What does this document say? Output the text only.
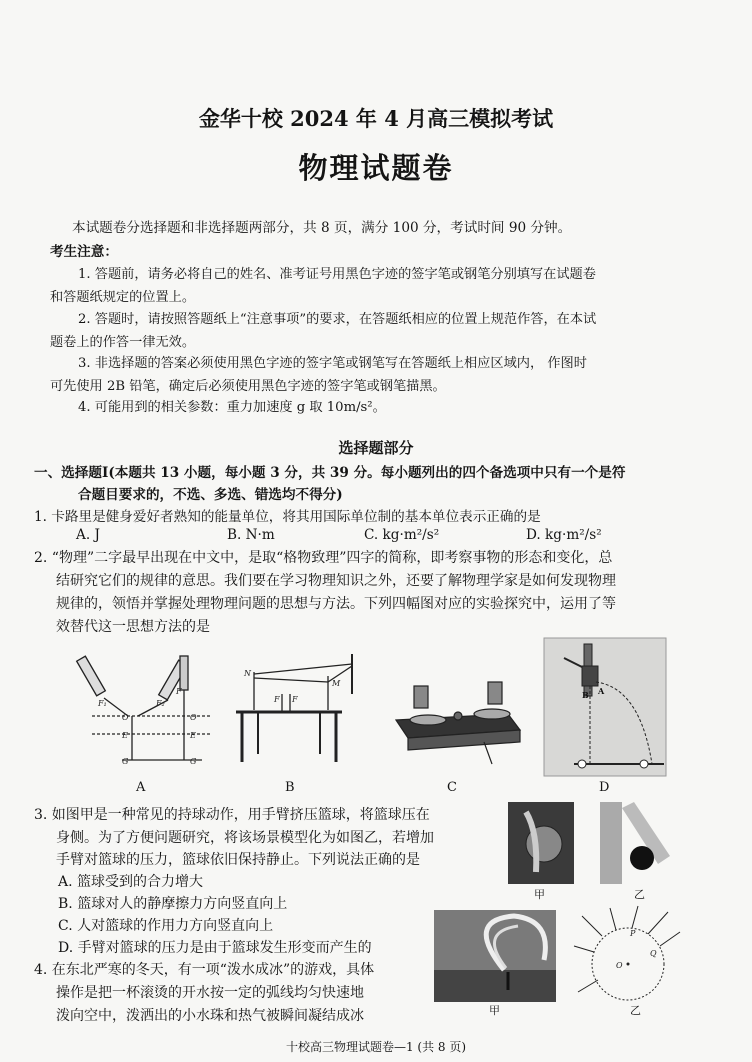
金华十校 2024 年 4 月高三模拟考试
物理试题卷
本试题卷分选择题和非选择题两部分，共 8 页，满分 100 分，考试时间 90 分钟。
考生注意：
1. 答题前，请务必将自己的姓名、准考证号用黑色字迹的签字笔或钢笔分别填写在试题卷
和答题纸规定的位置上。
2. 答题时，请按照答题纸上“注意事项”的要求，在答题纸相应的位置上规范作答，在本试
题卷上的作答一律无效。
3. 非选择题的答案必须使用黑色字迹的签字笔或钢笔写在答题纸上相应区域内， 作图时
可先使用 2B 铅笔，确定后必须使用黑色字迹的签字笔或钢笔描黑。
4. 可能用到的相关参数：重力加速度 g 取 10m/s²。
选择题部分
一、选择题Ⅰ(本题共 13 小题，每小题 3 分，共 39 分。每小题列出的四个备选项中只有一个是符
合题目要求的，不选、多选、错选均不得分)
1. 卡路里是健身爱好者熟知的能量单位，将其用国际单位制的基本单位表示正确的是
A. J	B. N·m	C. kg·m²/s²	D. kg·m²/s²
2. “物理”二字最早出现在中文中，是取“格物致理”四字的简称，即考察事物的形态和变化，总
结研究它们的规律的意思。我们要在学习物理知识之外，还要了解物理学家是如何发现物理
规律的，领悟并掌握处理物理问题的思想与方法。下列四幅图对应的实验探究中，运用了等
效替代这一思想方法的是
F₁	F₂
F
O	O
E	E
G	G
A
N
M
F
F
B	C
B A
D
3. 如图甲是一种常见的持球动作，用手臂挤压篮球，将篮球压在
身侧。为了方便问题研究，将该场景模型化为如图乙，若增加
手臂对篮球的压力，篮球依旧保持静止。下列说法正确的是
A. 篮球受到的合力增大
B. 篮球对人的静摩擦力方向竖直向上
C. 人对篮球的作用力方向竖直向上
D. 手臂对篮球的压力是由于篮球发生形变而产生的
甲	乙
4. 在东北严寒的冬天，有一项“泼水成冰”的游戏，具体
操作是把一杯滚烫的开水按一定的弧线均匀快速地
泼向空中，泼洒出的小水珠和热气被瞬间凝结成冰	甲
P
O
Q
乙
十校高三物理试题卷—1 (共 8 页)
